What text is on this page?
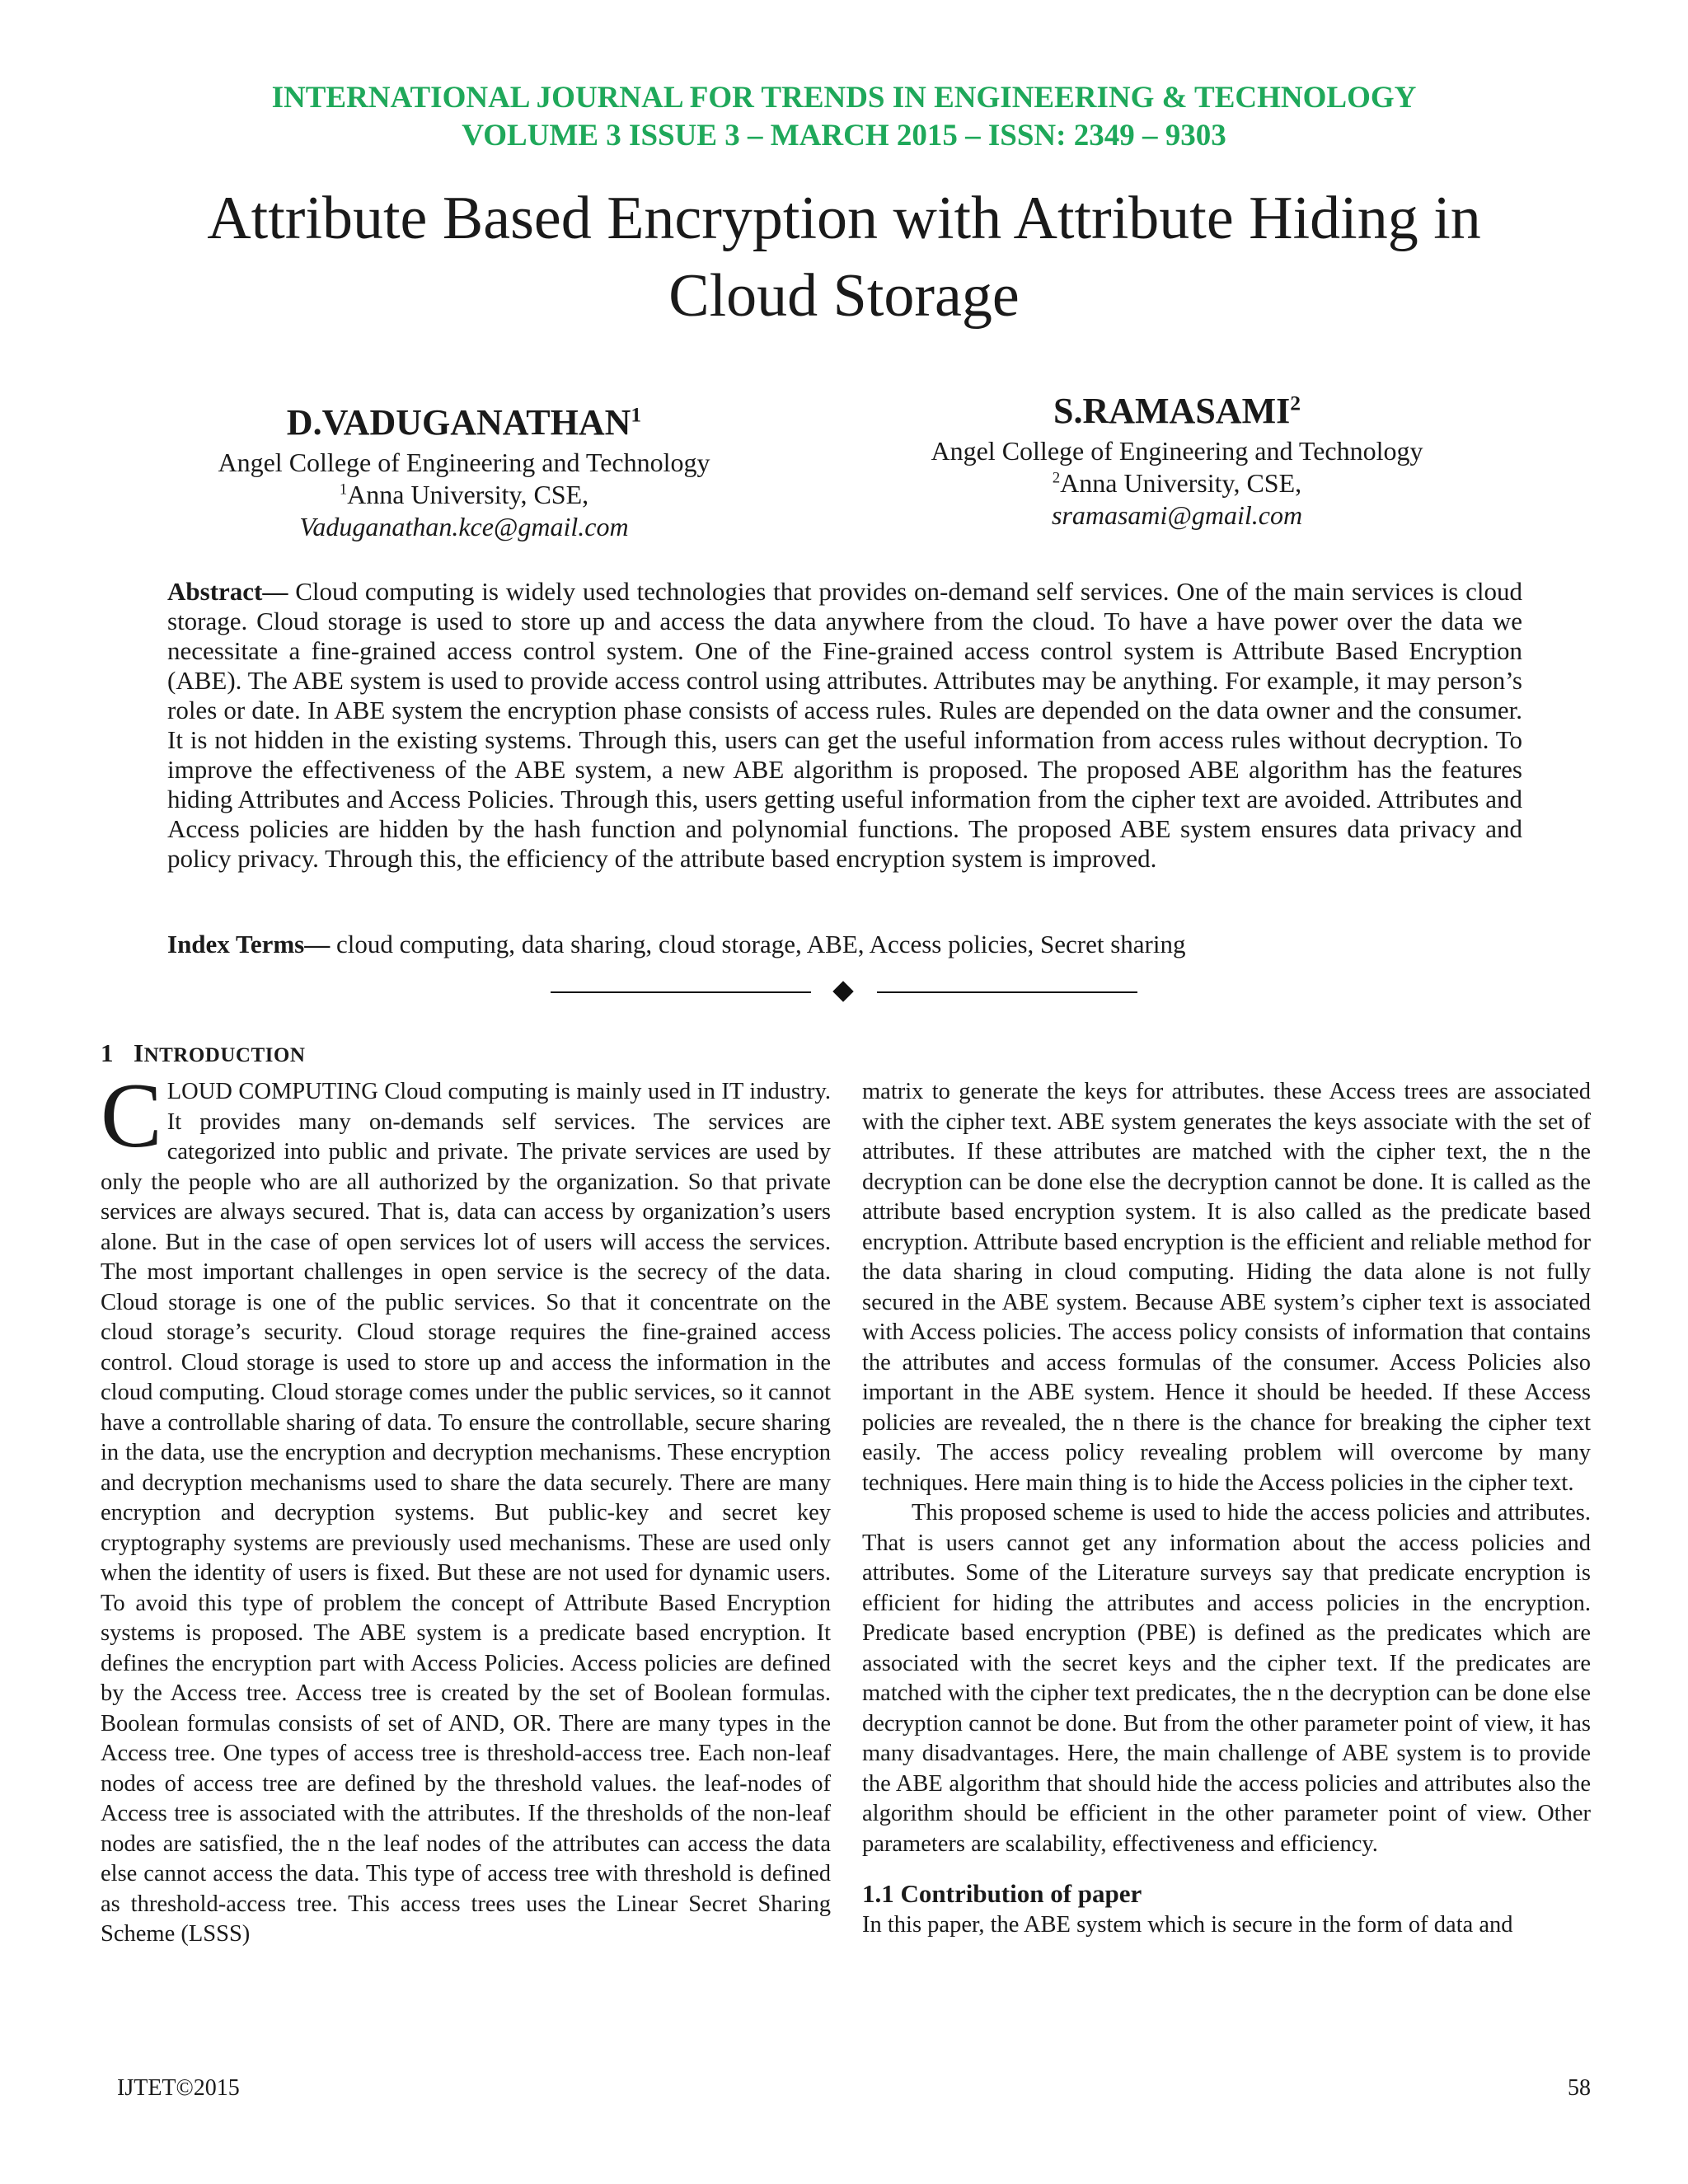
INTERNATIONAL JOURNAL FOR TRENDS IN ENGINEERING & TECHNOLOGY
VOLUME 3 ISSUE 3 – MARCH 2015 – ISSN: 2349 – 9303
Attribute Based Encryption with Attribute Hiding in
Cloud Storage
D.VADUGANATHAN$^1$
Angel College of Engineering and Technology
$^1$Anna University, CSE,
Vaduganathan.kce@gmail.com
S.RAMASAMI$^2$
Angel College of Engineering and Technology
$^2$Anna University, CSE,
sramasami@gmail.com

Abstract— Cloud computing is widely used technologies that provides on-demand self services. One of the main services is cloud storage. Cloud storage is used to store up and access the data anywhere from the cloud. To have a have power over the data we necessitate a fine-grained access control system. One of the Fine-grained access control system is Attribute Based Encryption (ABE). The ABE system is used to provide access control using attributes. Attributes may be anything. For example, it may person’s roles or date. In ABE system the encryption phase consists of access rules. Rules are depended on the data owner and the consumer. It is not hidden in the existing systems. Through this, users can get the useful information from access rules without decryption. To improve the effectiveness of the ABE system, a new ABE algorithm is proposed. The proposed ABE algorithm has the features hiding Attributes and Access Policies. Through this, users getting useful information from the cipher text are avoided. Attributes and Access policies are hidden by the hash function and polynomial functions. The proposed ABE system ensures data privacy and policy privacy. Through this, the efficiency of the attribute based encryption system is improved.

Index Terms— cloud computing, data sharing, cloud storage, ABE, Access policies, Secret sharing

1 INTRODUCTION

CLOUD COMPUTING Cloud computing is mainly used in IT industry. It provides many on-demands self services. The services are categorized into public and private. The private services are used by only the people who are all authorized by the organization. So that private services are always secured. That is, data can access by organization’s users alone. But in the case of open services lot of users will access the services. The most important challenges in open service is the secrecy of the data. Cloud storage is one of the public services. So that it concentrate on the cloud storage’s security. Cloud storage requires the fine-grained access control. Cloud storage is used to store up and access the information in the cloud computing. Cloud storage comes under the public services, so it cannot have a controllable sharing of data. To ensure the controllable, secure sharing in the data, use the encryption and decryption mechanisms. These encryption and decryption mechanisms used to share the data securely. There are many encryption and decryption systems. But public-key and secret key cryptography systems are previously used mechanisms. These are used only when the identity of users is fixed. But these are not used for dynamic users. To avoid this type of problem the concept of Attribute Based Encryption systems is proposed. The ABE system is a predicate based encryption. It defines the encryption part with Access Policies. Access policies are defined by the Access tree. Access tree is created by the set of Boolean formulas. Boolean formulas consists of set of AND, OR. There are many types in the Access tree. One types of access tree is threshold-access tree. Each non-leaf nodes of access tree are defined by the threshold values. the leaf-nodes of Access tree is associated with the attributes. If the thresholds of the non-leaf nodes are satisfied, the n the leaf nodes of the attributes can access the data else cannot access the data. This type of access tree with threshold is defined as threshold-access tree. This access trees uses the Linear Secret Sharing Scheme (LSSS)

matrix to generate the keys for attributes. these Access trees are associated with the cipher text. ABE system generates the keys associate with the set of attributes. If these attributes are matched with the cipher text, the n the decryption can be done else the decryption cannot be done. It is called as the attribute based encryption system. It is also called as the predicate based encryption. Attribute based encryption is the efficient and reliable method for the data sharing in cloud computing. Hiding the data alone is not fully secured in the ABE system. Because ABE system’s cipher text is associated with Access policies. The access policy consists of information that contains the attributes and access formulas of the consumer. Access Policies also important in the ABE system. Hence it should be heeded. If these Access policies are revealed, the n there is the chance for breaking the cipher text easily. The access policy revealing problem will overcome by many techniques. Here main thing is to hide the Access policies in the cipher text.

This proposed scheme is used to hide the access policies and attributes. That is users cannot get any information about the access policies and attributes. Some of the Literature surveys say that predicate encryption is efficient for hiding the attributes and access policies in the encryption. Predicate based encryption (PBE) is defined as the predicates which are associated with the secret keys and the cipher text. If the predicates are matched with the cipher text predicates, the n the decryption can be done else decryption cannot be done. But from the other parameter point of view, it has many disadvantages. Here, the main challenge of ABE system is to provide the ABE algorithm that should hide the access policies and attributes also the algorithm should be efficient in the other parameter point of view. Other parameters are scalability, effectiveness and efficiency.

1.1 Contribution of paper

In this paper, the ABE system which is secure in the form of data and

IJTET©2015	58
